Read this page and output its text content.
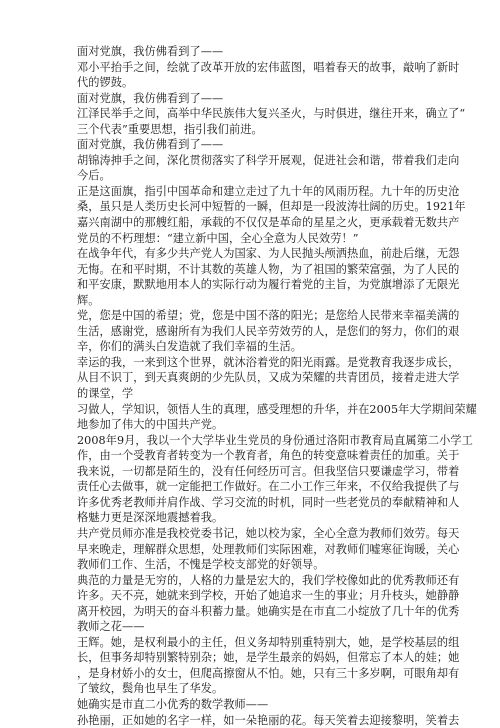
面对党旗，我仿佛看到了——
邓小平抬手之间，绘就了改革开放的宏伟蓝图，唱着春天的故事，敲响了新时
代的锣鼓。
面对党旗，我仿佛看到了——
江泽民举手之间，高举中华民族伟大复兴圣火，与时俱进，继往开来，确立了“
三个代表”重要思想，指引我们前进。
面对党旗，我仿佛看到了——
胡锦涛抻手之间，深化贯彻落实了科学开展观，促进社会和谐，带着我们走向
今后。
正是这面旗，指引中国革命和建立走过了九十年的风雨历程。九十年的历史沧
桑，虽只是人类历史长河中短暂的一瞬，但却是一段波涛壮阔的历史。1921年
嘉兴南湖中的那艘红船，承载的不仅仅是革命的星星之火，更承载着无数共产
党员的不朽理想：“建立新中国，全心全意为人民效劳！”
在战争年代，有多少共产党人为国家、为人民抛头颅洒热血，前赴后继，无怨
无悔。在和平时期，不计其数的英雄人物，为了祖国的繁荣富强，为了人民的
和平安康，默默地用本人的实际行动为履行着党的主旨，为党旗增添了无限光
辉。
党，您是中国的希望；党，您是中国不落的阳光；是您给人民带来幸福美满的
生活，感谢党，感谢所有为我们人民辛劳效劳的人，是您们的努力，你们的艰
辛，你们的满头白发造就了我们幸福的生活。
幸运的我，一来到这个世界，就沐浴着党的阳光雨露。是党教育我逐步成长，
从目不识丁，到天真爽朗的少先队员，又成为荣耀的共青团员，接着走进大学
的课堂，学
习做人，学知识，领悟人生的真理，感受理想的升华，并在2005年大学期间荣耀
地参加了伟大的中国共产党。
2008年9月，我以一个大学毕业生党员的身份通过洛阳市教育局直属第二小学工
作，由一个受教育者转变为一个教育者，角色的转变意味着责任的加重。关于
我来说，一切都是陌生的，没有任何经历可言。但我坚信只要谦虚学习，带着
责任心去做事，就一定能把工作做好。在二小工作三年来，不仅给我提供了与
许多优秀老教师并肩作战、学习交流的时机，同时一些老党员的奉献精神和人
格魅力更是深深地震撼着我。
共产党员师亦准是我校党委书记，她以校为家，全心全意为教师们效劳。每天
早来晚走，理解群众思想，处理教师们实际困难，对教师们嘘寒征询暖，关心
教师们工作、生活，不愧是学校支部党的好领导。
典范的力量是无穷的，人格的力量是宏大的，我们学校像如此的优秀教师还有
许多。天不亮，她就来到学校，开始了她追求一生的事业；月升枝头，她静静
离开校园，为明天的奋斗积蓄力量。她确实是在市直二小绽放了几十年的优秀
教师之花——
王辉。她，是权利最小的主任，但义务却特别重特别大，她，是学校基层的组
长，但事务却特别繁特别杂；她，是学生最亲的妈妈，但常忘了本人的娃；她
，是身材娇小的女士，但爬高擦窗从不怕。她，只有三十多岁啊，可眼角却有
了皱纹，鬓角也早生了华发。
她确实是市直二小优秀的数学教师——
孙艳丽，正如她的名字一样，如一朵艳丽的花。每天笑着去迎接黎明，笑着去
